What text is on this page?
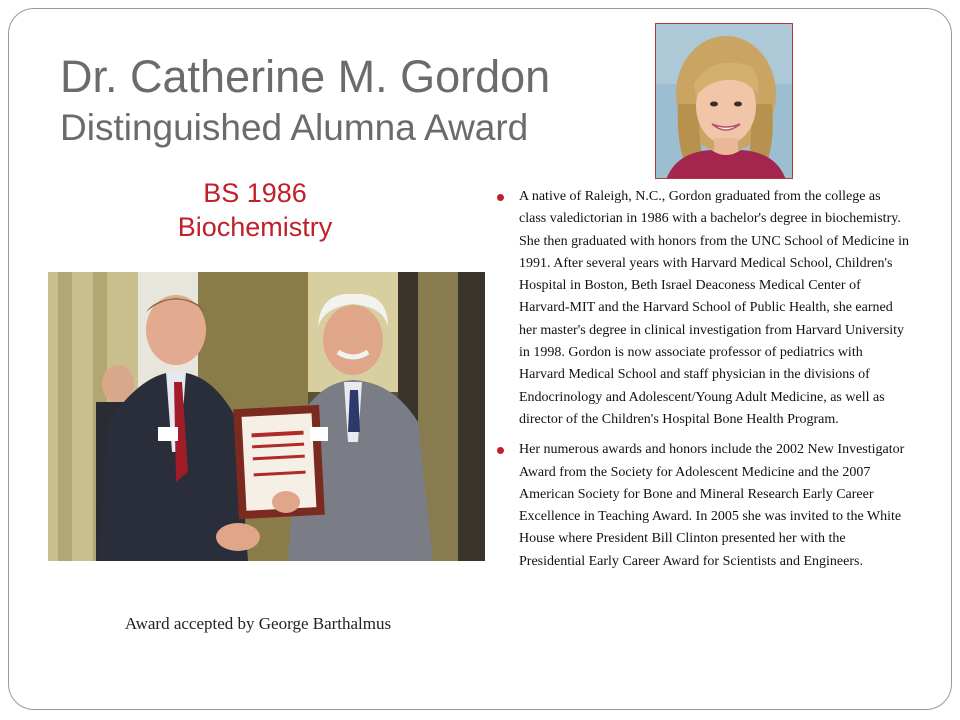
Dr. Catherine M. Gordon
Distinguished Alumna Award
BS 1986
Biochemistry
Award accepted by George Barthalmus
A native of Raleigh, N.C., Gordon graduated from the college as class valedictorian in 1986 with a bachelor's degree in biochemistry. She then graduated with honors from the UNC School of Medicine in 1991. After several years with Harvard Medical School, Children's Hospital in Boston, Beth Israel Deaconess Medical Center of Harvard-MIT and the Harvard School of Public Health, she earned her master's degree in clinical investigation from Harvard University in 1998. Gordon is now associate professor of pediatrics with Harvard Medical School and staff physician in the divisions of Endocrinology and Adolescent/Young Adult Medicine, as well as director of the Children's Hospital Bone Health Program.
Her numerous awards and honors include the 2002 New Investigator Award from the Society for Adolescent Medicine and the 2007 American Society for Bone and Mineral Research Early Career Excellence in Teaching Award. In 2005 she was invited to the White House where President Bill Clinton presented her with the Presidential Early Career Award for Scientists and Engineers.
